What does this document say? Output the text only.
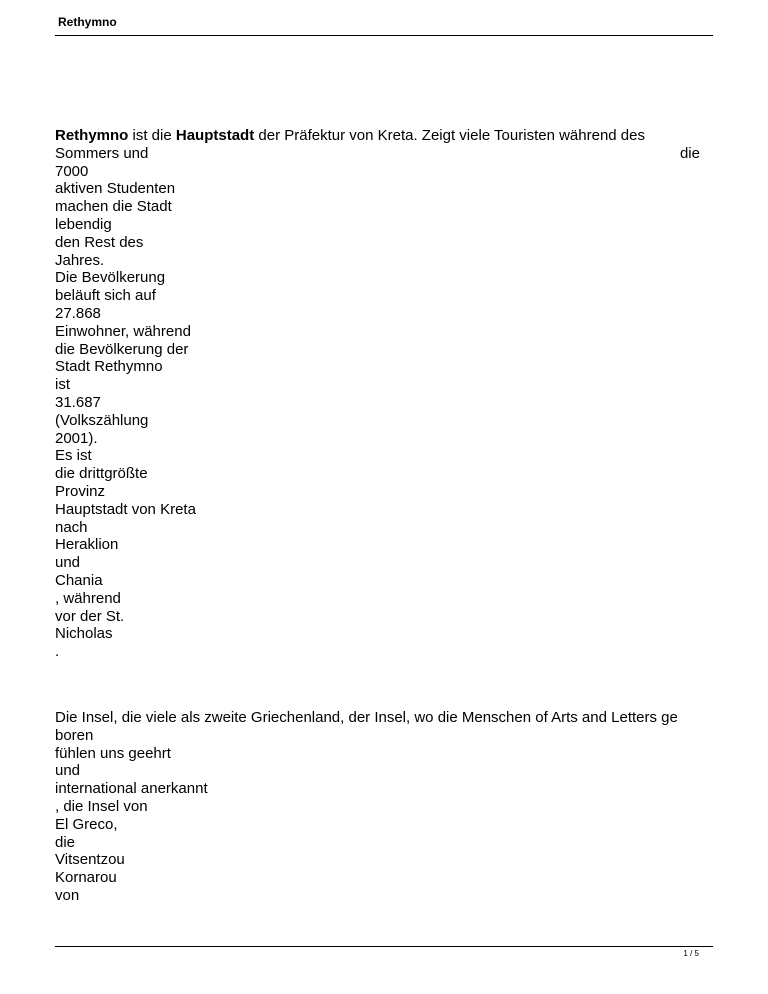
Rethymno
Rethymno ist die Hauptstadt der Präfektur von Kreta. Zeigt viele Touristen während des
Sommers und	die
7000
aktiven Studenten
machen die Stadt
lebendig
den Rest des
Jahres.
Die Bevölkerung
beläuft sich auf
27.868
Einwohner, während
die Bevölkerung der
Stadt Rethymno
ist
31.687
(Volkszählung
2001).
Es ist
die drittgrößte
Provinz
Hauptstadt von Kreta
nach
Heraklion
und
Chania
, während
vor der St.
Nicholas
.
Die Insel, die viele als zweite Griechenland, der Insel, wo die Menschen of Arts and Letters ge
boren
fühlen uns geehrt
und
international anerkannt
, die Insel von
El Greco,
die
Vitsentzou
Kornarou
von
1 / 5
